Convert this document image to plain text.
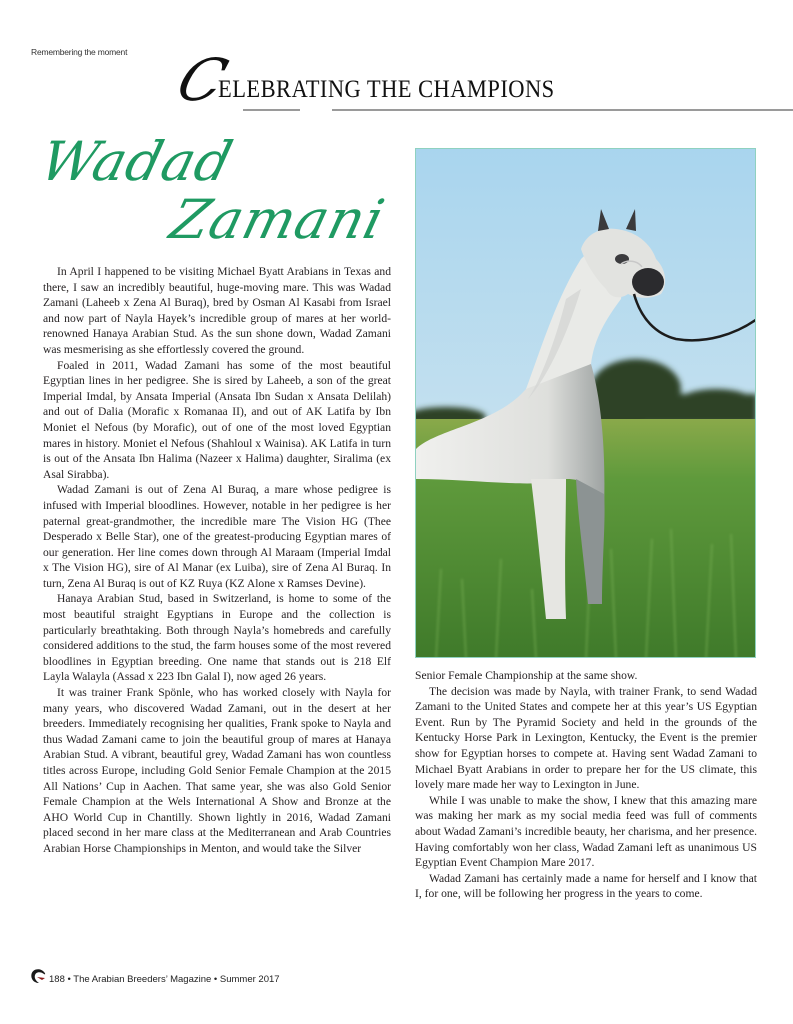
Remembering the moment C
ELEBRATING THE CHAMPIONS
Wadad
Zamani

In April I happened to be visiting Michael Byatt Arabians in Texas and there, I saw an incredibly beautiful, huge-moving mare. This was Wadad Zamani (Laheeb x Zena Al Buraq), bred by Osman Al Kasabi from Israel and now part of Nayla Hayek’s incredible group of mares at her world-renowned Hanaya Arabian Stud. As the sun shone down, Wadad Zamani was mesmerising as she effortlessly covered the ground.

Foaled in 2011, Wadad Zamani has some of the most beautiful Egyptian lines in her pedigree. She is sired by Laheeb, a son of the great Imperial Imdal, by Ansata Imperial (Ansata Ibn Sudan x Ansata Delilah) and out of Dalia (Morafic x Romanaa II), and out of AK Latifa by Ibn Moniet el Nefous (by Morafic), out of one of the most loved Egyptian mares in history. Moniet el Nefous (Shahloul x Wainisa). AK Latifa in turn is out of the Ansata Ibn Halima (Nazeer x Halima) daughter, Siralima (ex Asal Sirabba).

Wadad Zamani is out of Zena Al Buraq, a mare whose pedigree is infused with Imperial bloodlines. However, notable in her pedigree is her paternal great-grandmother, the incredible mare The Vision HG (Thee Desperado x Belle Star), one of the greatest-producing Egyptian mares of our generation. Her line comes down through Al Maraam (Imperial Imdal x The Vision HG), sire of Al Manar (ex Luiba), sire of Zena Al Buraq. In turn, Zena Al Buraq is out of KZ Ruya (KZ Alone x Ramses Devine).

Hanaya Arabian Stud, based in Switzerland, is home to some of the most beautiful straight Egyptians in Europe and the collection is particularly breathtaking. Both through Nayla’s homebreds and carefully considered additions to the stud, the farm houses some of the most revered bloodlines in Egyptian breeding. One name that stands out is 218 Elf Layla Walayla (Assad x 223 Ibn Galal I), now aged 26 years.

It was trainer Frank Spönle, who has worked closely with Nayla for many years, who discovered Wadad Zamani, out in the desert at her breeders. Immediately recognising her qualities, Frank spoke to Nayla and thus Wadad Zamani came to join the beautiful group of mares at Hanaya Arabian Stud. A vibrant, beautiful grey, Wadad Zamani has won countless titles across Europe, including Gold Senior Female Champion at the 2015 All Nations’ Cup in Aachen. That same year, she was also Gold Senior Female Champion at the Wels International A Show and Bronze at the AHO World Cup in Chantilly. Shown lightly in 2016, Wadad Zamani placed second in her mare class at the Mediterranean and Arab Countries Arabian Horse Championships in Menton, and would take the Silver

Senior Female Championship at the same show.

The decision was made by Nayla, with trainer Frank, to send Wadad Zamani to the United States and compete her at this year’s US Egyptian Event. Run by The Pyramid Society and held in the grounds of the Kentucky Horse Park in Lexington, Kentucky, the Event is the premier show for Egyptian horses to compete at. Having sent Wadad Zamani to Michael Byatt Arabians in order to prepare her for the US climate, this lovely mare made her way to Lexington in June.

While I was unable to make the show, I knew that this amazing mare was making her mark as my social media feed was full of comments about Wadad Zamani’s incredible beauty, her charisma, and her presence. Having comfortably won her class, Wadad Zamani left as unanimous US Egyptian Event Champion Mare 2017.

Wadad Zamani has certainly made a name for herself and I know that I, for one, will be following her progress in the years to come.

188 • The Arabian Breeders’ Magazine • Summer 2017
